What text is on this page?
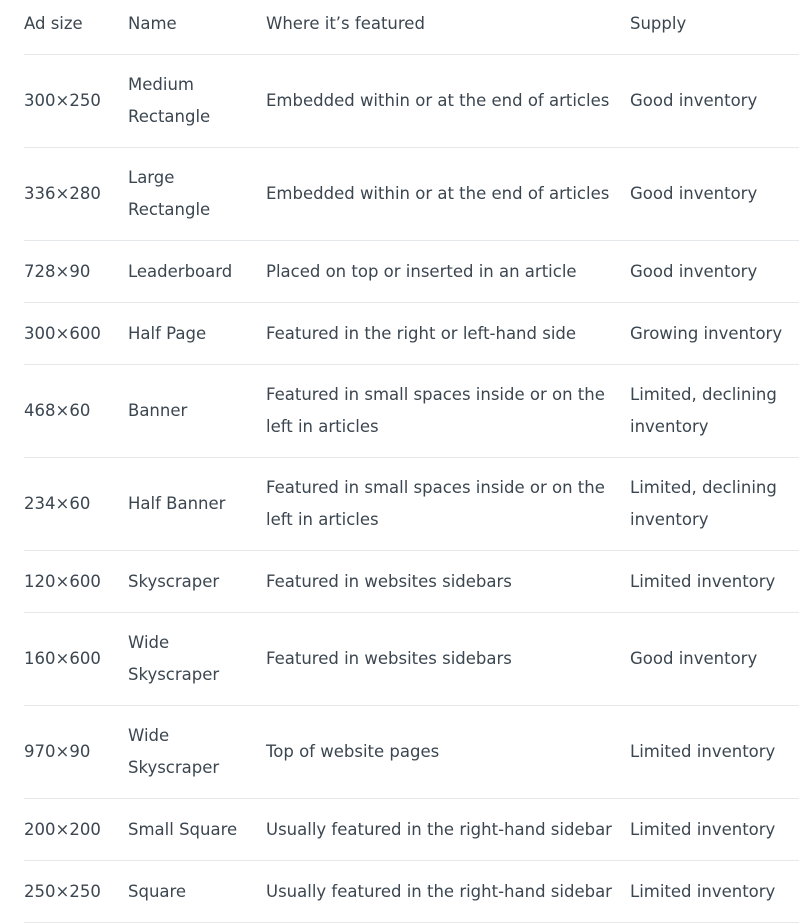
Ad size	Name	Where it’s featured	Supply
300×250	Medium Rectangle	Embedded within or at the end of articles	Good inventory
336×280	Large Rectangle	Embedded within or at the end of articles	Good inventory
728×90	Leaderboard	Placed on top or inserted in an article	Good inventory
300×600	Half Page	Featured in the right or left-hand side	Growing inventory
468×60	Banner	Featured in small spaces inside or on the left in articles	Limited, declining inventory
234×60	Half Banner	Featured in small spaces inside or on the left in articles	Limited, declining inventory
120×600	Skyscraper	Featured in websites sidebars	Limited inventory
160×600	Wide Skyscraper	Featured in websites sidebars	Good inventory
970×90	Wide Skyscraper	Top of website pages	Limited inventory
200×200	Small Square	Usually featured in the right-hand sidebar	Limited inventory
250×250	Square	Usually featured in the right-hand sidebar	Limited inventory
